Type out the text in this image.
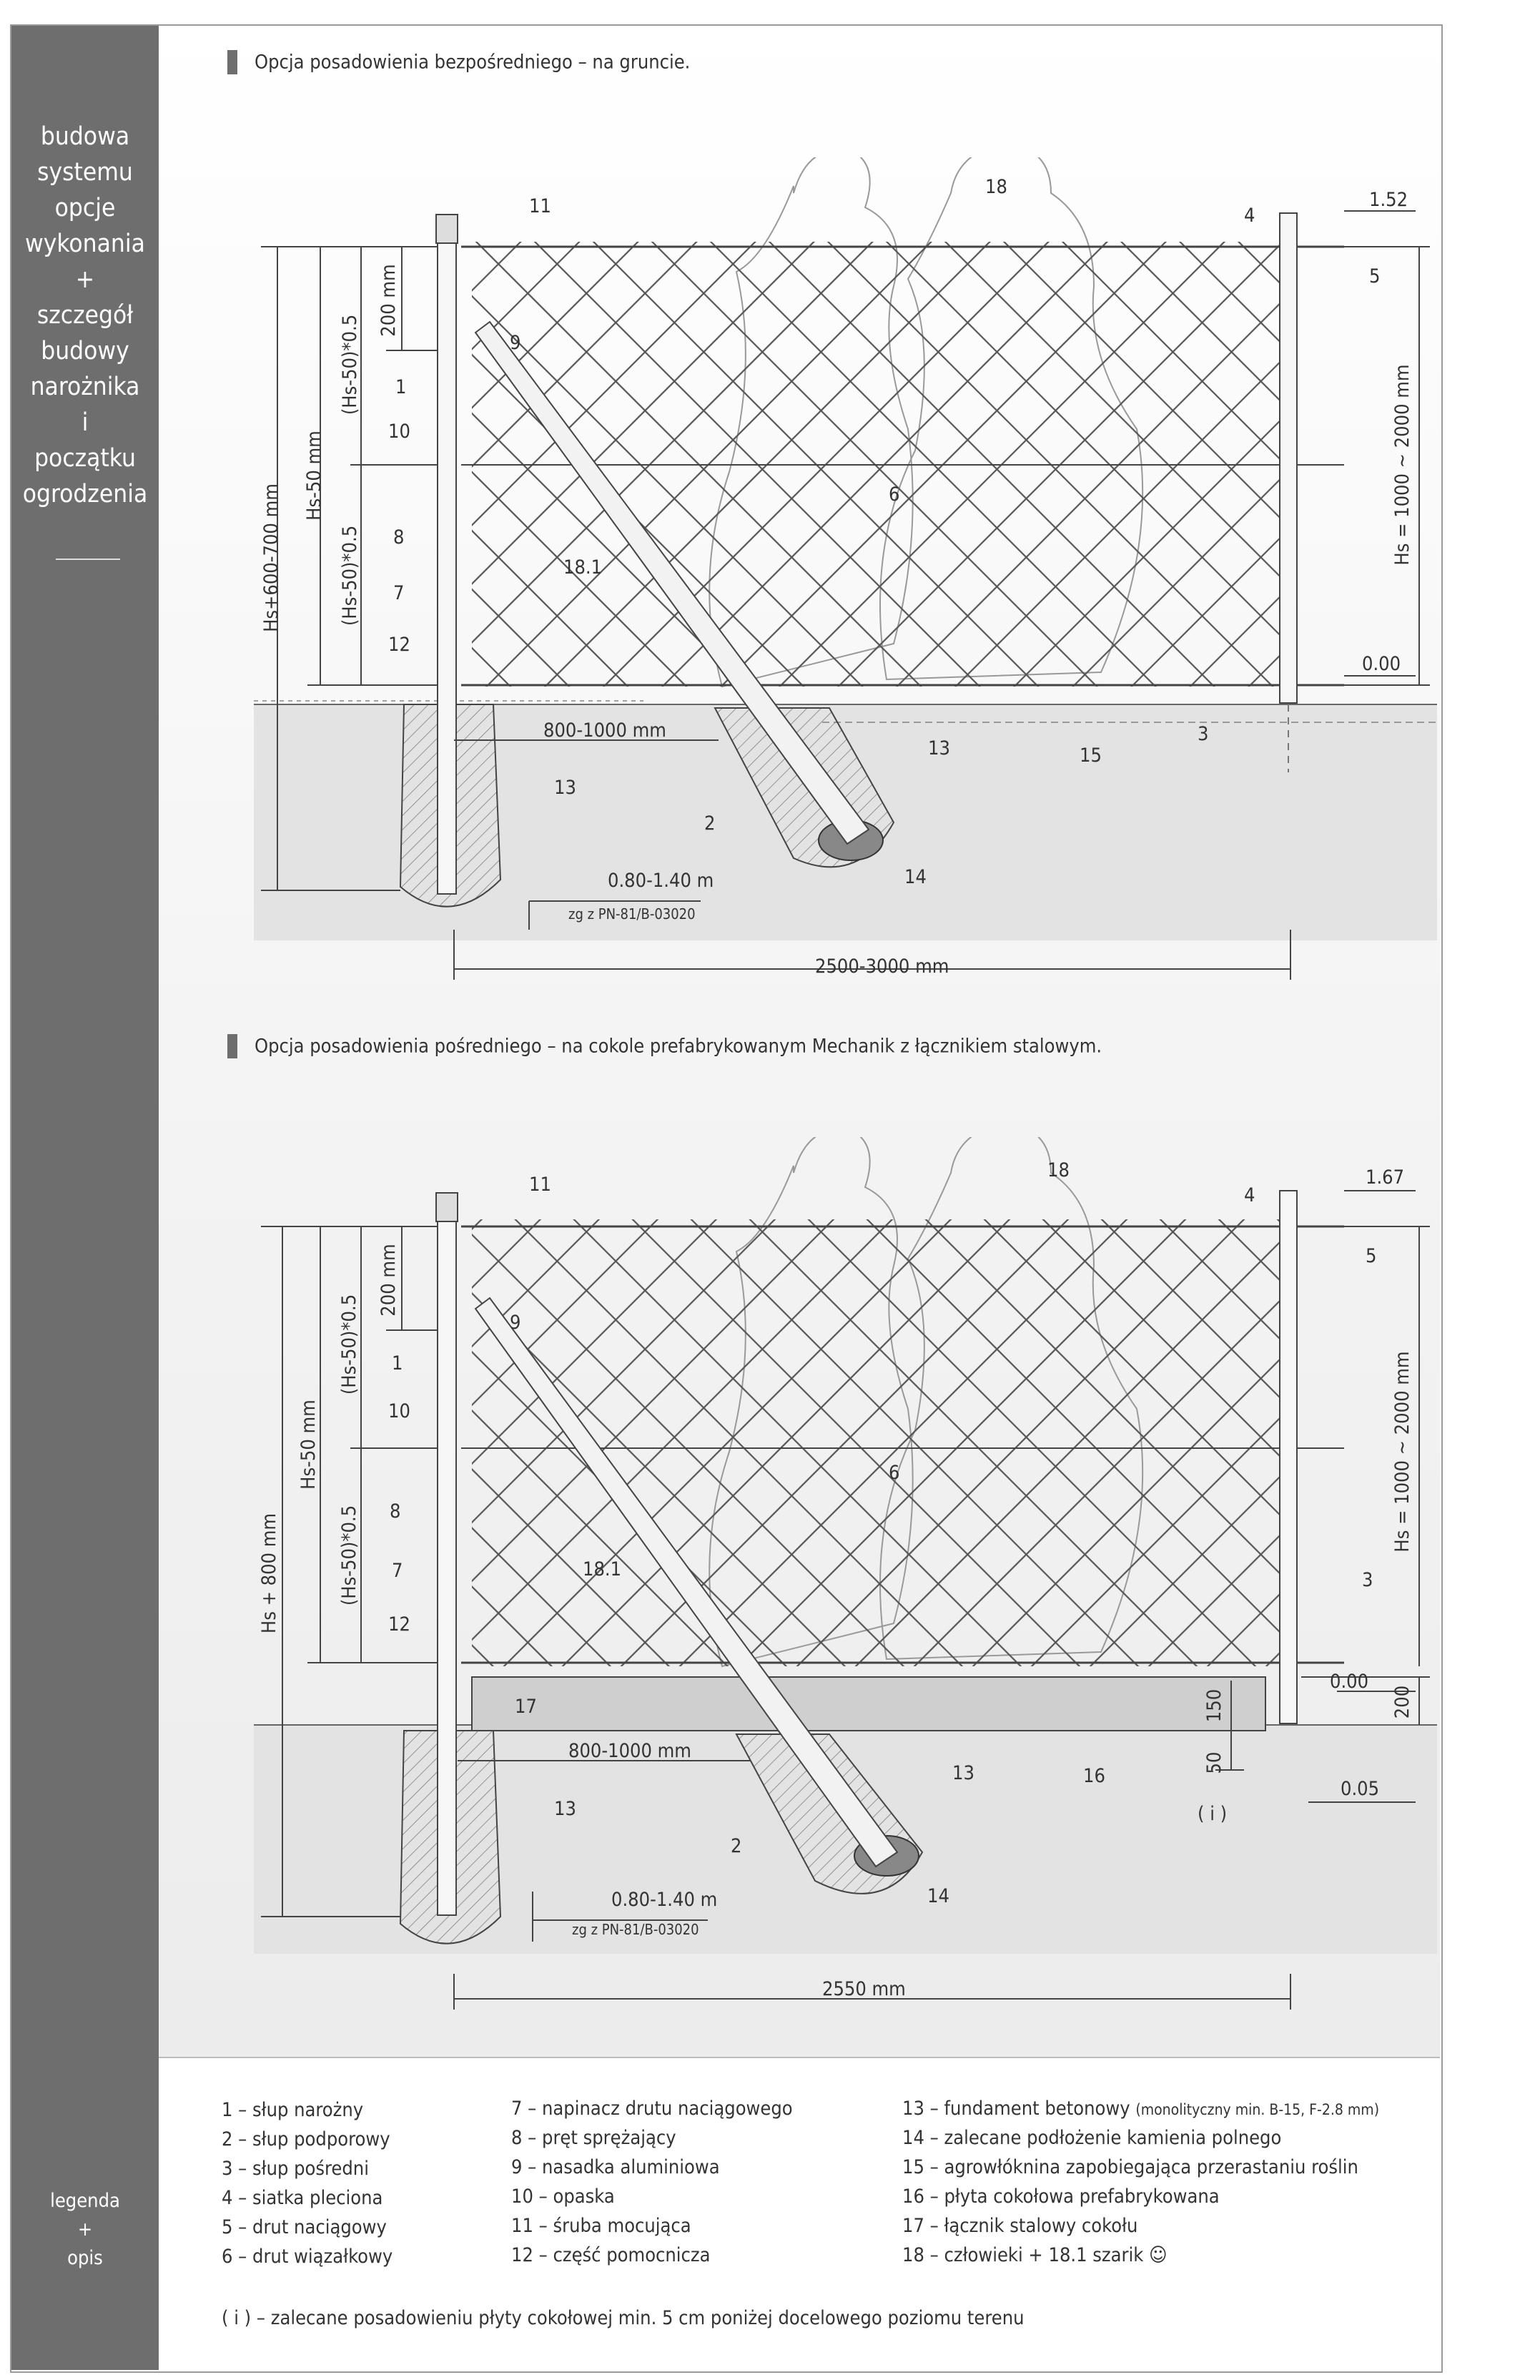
budowa
systemu
opcje
wykonania
+
szczegół
budowy
narożnika
i
początku
ogrodzenia
legenda
+
opis
Opcja posadowienia bezpośredniego – na gruncie.
Opcja posadowienia pośredniego – na cokole prefabrykowanym Mechanik z łącznikiem stalowym.
Hs+600-700 mm
Hs-50 mm
(Hs-50)*0.5
(Hs-50)*0.5
200 mm
Hs = 1000 ~ 2000 mm
1.52
0.00
800-1000 mm
0.80-1.40 m
zg z PN-81/B-03020
2500-3000 mm
11
18
4
5
9
1
10
6
8
18.1
7
12
3
13
15
2
13
14
Hs + 800 mm
Hs-50 mm
(Hs-50)*0.5
(Hs-50)*0.5
200 mm
Hs = 1000 ~ 2000 mm
200
150
50
1.67
0.00
0.05
( i )
800-1000 mm
0.80-1.40 m
zg z PN-81/B-03020
2550 mm
11
18
4
5
9
1
10
6
8
18.1
7
12
3
17
16
13
2
13
14
1 – słup narożny
2 – słup podporowy
3 – słup pośredni
4 – siatka pleciona
5 – drut naciągowy
6 – drut wiązałkowy
7 – napinacz drutu naciągowego
8 – pręt sprężający
9 – nasadka aluminiowa
10 – opaska
11 – śruba mocująca
12 – część pomocnicza
13 – fundament betonowy (monolityczny min. B-15, F-2.8 mm)
14 – zalecane podłożenie kamienia polnego
15 – agrowłóknina zapobiegająca przerastaniu roślin
16 – płyta cokołowa prefabrykowana
17 – łącznik stalowy cokołu
18 – człowieki + 18.1 szarik ☺
( i ) – zalecane posadowieniu płyty cokołowej min. 5 cm poniżej docelowego poziomu terenu
